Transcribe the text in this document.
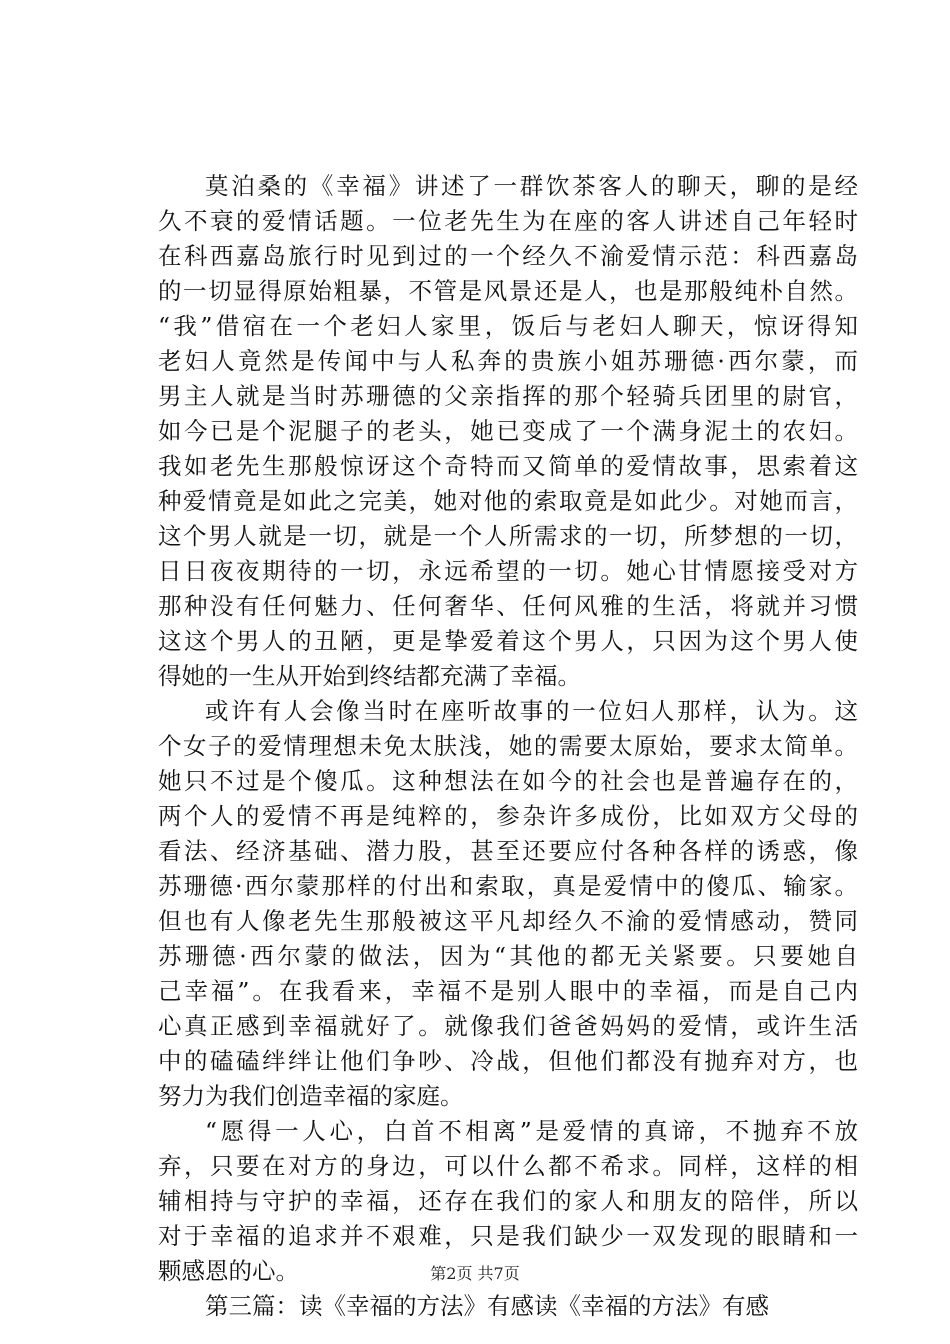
莫泊桑的《幸福》讲述了一群饮茶客人的聊天，聊的是经
久不衰的爱情话题。一位老先生为在座的客人讲述自己年轻时
在科西嘉岛旅行时见到过的一个经久不渝爱情示范：科西嘉岛
的一切显得原始粗暴，不管是风景还是人，也是那般纯朴自然。
“我”借宿在一个老妇人家里，饭后与老妇人聊天，惊讶得知
老妇人竟然是传闻中与人私奔的贵族小姐苏珊德·西尔蒙，而
男主人就是当时苏珊德的父亲指挥的那个轻骑兵团里的尉官，
如今已是个泥腿子的老头，她已变成了一个满身泥土的农妇。
我如老先生那般惊讶这个奇特而又简单的爱情故事，思索着这
种爱情竟是如此之完美，她对他的索取竟是如此少。对她而言，
这个男人就是一切，就是一个人所需求的一切，所梦想的一切，
日日夜夜期待的一切，永远希望的一切。她心甘情愿接受对方
那种没有任何魅力、任何奢华、任何风雅的生活，将就并习惯
这这个男人的丑陋，更是挚爱着这个男人，只因为这个男人使
得她的一生从开始到终结都充满了幸福。
或许有人会像当时在座听故事的一位妇人那样，认为。这
个女子的爱情理想未免太肤浅，她的需要太原始，要求太简单。
她只不过是个傻瓜。这种想法在如今的社会也是普遍存在的，
两个人的爱情不再是纯粹的，参杂许多成份，比如双方父母的
看法、经济基础、潜力股，甚至还要应付各种各样的诱惑，像
苏珊德·西尔蒙那样的付出和索取，真是爱情中的傻瓜、输家。
但也有人像老先生那般被这平凡却经久不渝的爱情感动，赞同
苏珊德·西尔蒙的做法，因为“其他的都无关紧要。只要她自
己幸福”。在我看来，幸福不是别人眼中的幸福，而是自己内
心真正感到幸福就好了。就像我们爸爸妈妈的爱情，或许生活
中的磕磕绊绊让他们争吵、冷战，但他们都没有抛弃对方，也
努力为我们创造幸福的家庭。
“愿得一人心，白首不相离”是爱情的真谛，不抛弃不放
弃，只要在对方的身边，可以什么都不希求。同样，这样的相
辅相持与守护的幸福，还存在我们的家人和朋友的陪伴，所以
对于幸福的追求并不艰难，只是我们缺少一双发现的眼睛和一
颗感恩的心。
第三篇：读《幸福的方法》有感读《幸福的方法》有感
第2页 共7页
